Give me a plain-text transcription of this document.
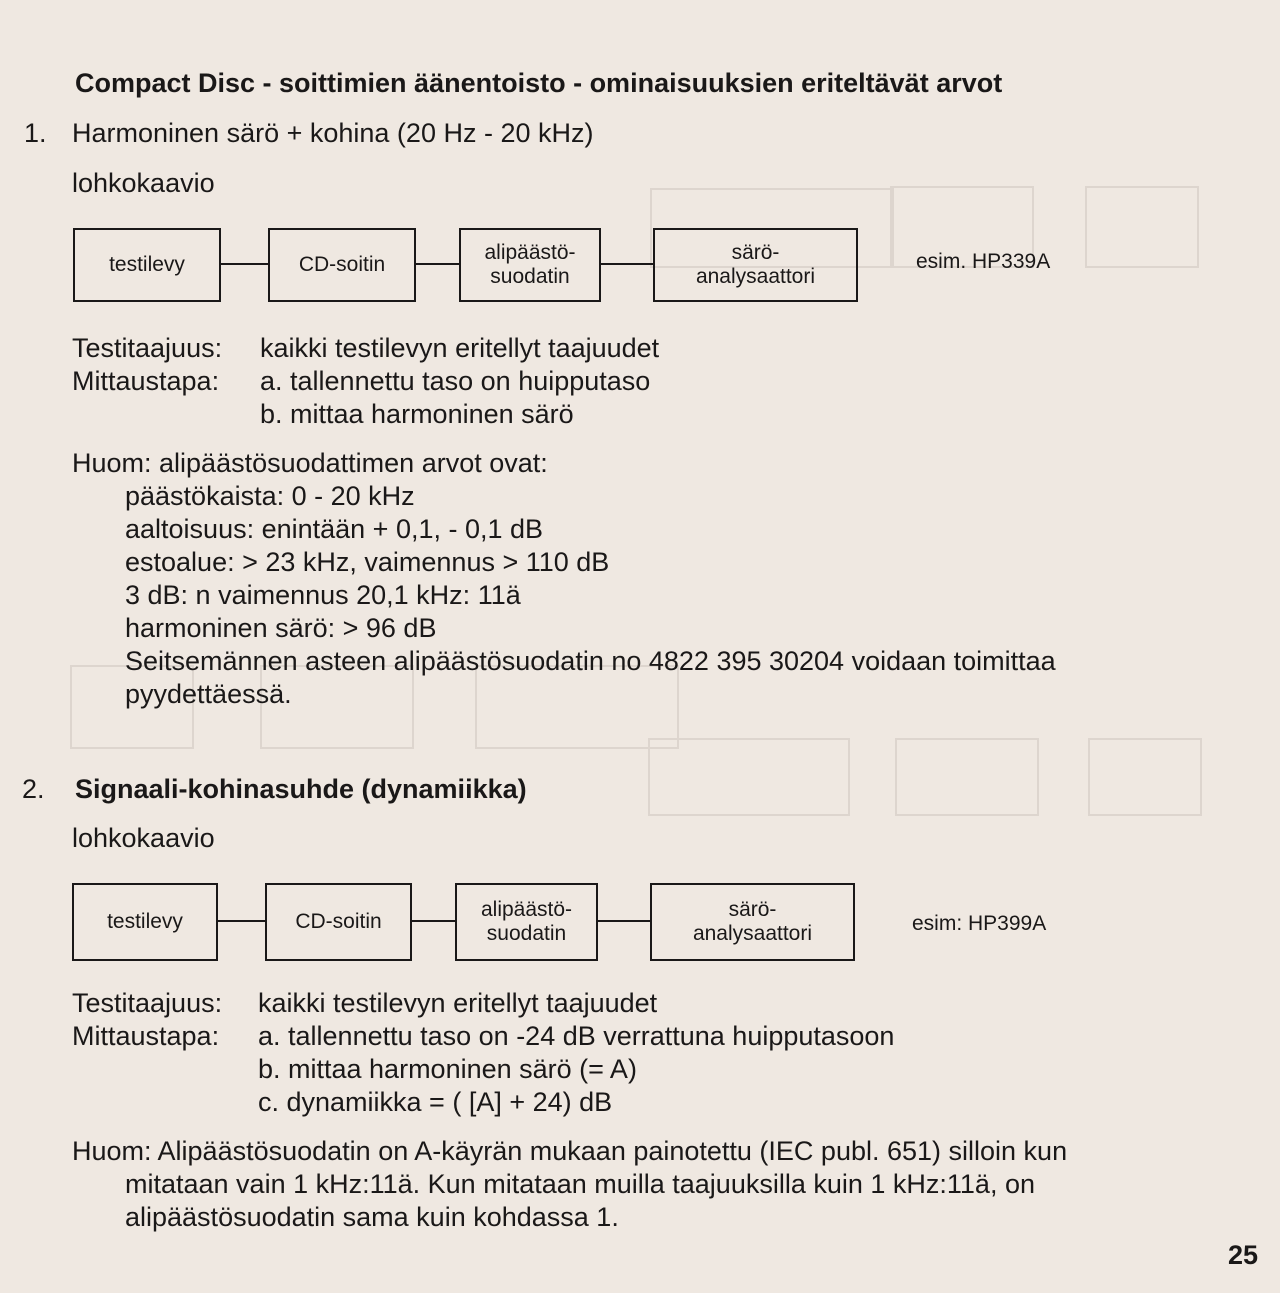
Compact Disc - soittimien äänentoisto - ominaisuuksien eriteltävät arvot
1. Harmoninen särö + kohina (20 Hz - 20 kHz)
lohkokaavio
testilevy	CD-soitin
alipäästö-
suodatin
särö-
analysaattori
esim. HP339A
Testitaajuus: kaikki testilevyn eritellyt taajuudet
Mittaustapa: a. tallennettu taso on huipputaso
b. mittaa harmoninen särö
Huom: alipäästösuodattimen arvot ovat:
päästökaista: 0 - 20 kHz
aaltoisuus: enintään + 0,1, - 0,1 dB
estoalue: > 23 kHz, vaimennus > 110 dB
3 dB: n vaimennus 20,1 kHz: 11ä
harmoninen särö: > 96 dB
Seitsemännen asteen alipäästösuodatin no 4822 395 30204 voidaan toimittaa
pyydettäessä.
2. Signaali-kohinasuhde (dynamiikka)
lohkokaavio
testilevy	CD-soitin
alipäästö-
suodatin
särö-
analysaattori	esim: HP399A
Testitaajuus: kaikki testilevyn eritellyt taajuudet
Mittaustapa: a. tallennettu taso on -24 dB verrattuna huipputasoon
b. mittaa harmoninen särö (= A)
c. dynamiikka = ( [A] + 24) dB
Huom: Alipäästösuodatin on A-käyrän mukaan painotettu (IEC publ. 651) silloin kun
mitataan vain 1 kHz:11ä. Kun mitataan muilla taajuuksilla kuin 1 kHz:11ä, on
alipäästösuodatin sama kuin kohdassa 1.
25
